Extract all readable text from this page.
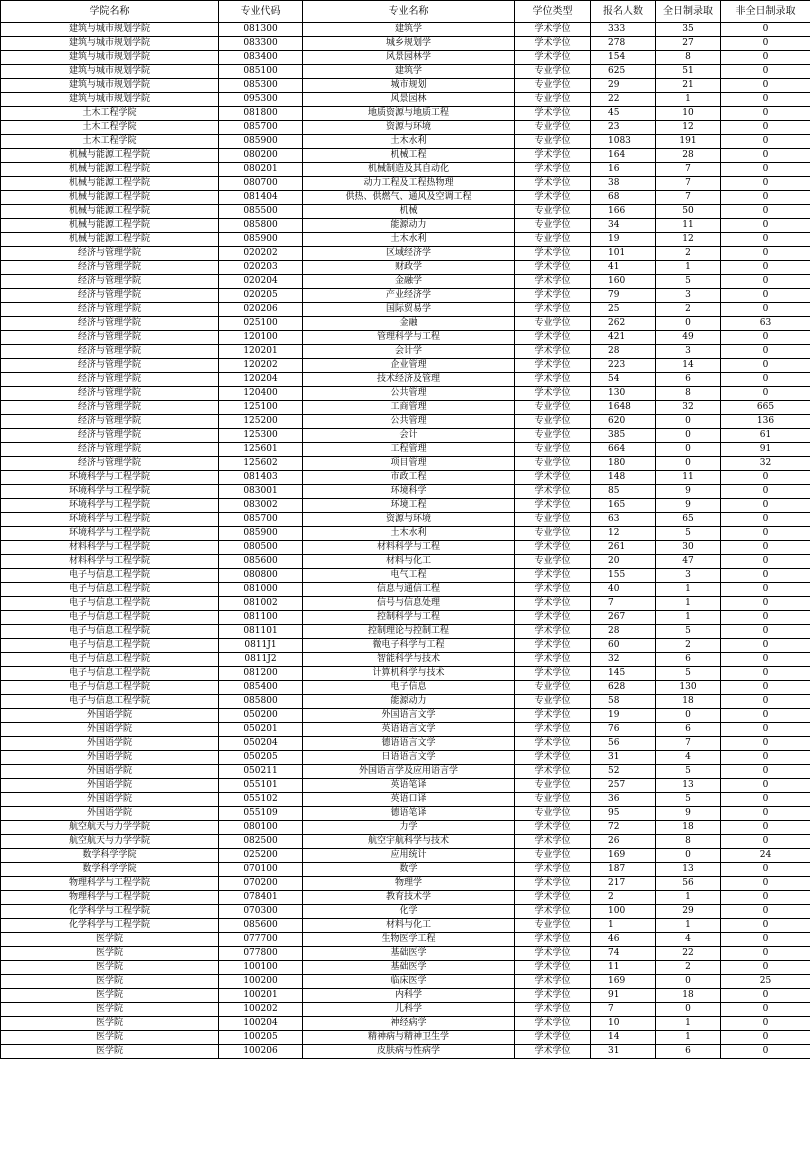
学院名称	专业代码	专业名称	学位类型	报名人数	全日制录取	非全日制录取
建筑与城市规划学院	081300	建筑学	学术学位	333	35	0
建筑与城市规划学院	083300	城乡规划学	学术学位	278	27	0
建筑与城市规划学院	083400	风景园林学	学术学位	154	8	0
建筑与城市规划学院	085100	建筑学	专业学位	625	51	0
建筑与城市规划学院	085300	城市规划	专业学位	29	21	0
建筑与城市规划学院	095300	风景园林	专业学位	22	1	0
土木工程学院	081800	地质资源与地质工程	学术学位	45	10	0
土木工程学院	085700	资源与环境	专业学位	23	12	0
土木工程学院	085900	土木水利	专业学位	1083	191	0
机械与能源工程学院	080200	机械工程	学术学位	164	28	0
机械与能源工程学院	080201	机械制造及其自动化	学术学位	16	7	0
机械与能源工程学院	080700	动力工程及工程热物理	学术学位	38	7	0
机械与能源工程学院	081404	供热、供燃气、通风及空调工程	学术学位	68	7	0
机械与能源工程学院	085500	机械	专业学位	166	50	0
机械与能源工程学院	085800	能源动力	专业学位	34	11	0
机械与能源工程学院	085900	土木水利	专业学位	19	12	0
经济与管理学院	020202	区域经济学	学术学位	101	2	0
经济与管理学院	020203	财政学	学术学位	41	1	0
经济与管理学院	020204	金融学	学术学位	160	5	0
经济与管理学院	020205	产业经济学	学术学位	79	3	0
经济与管理学院	020206	国际贸易学	学术学位	25	2	0
经济与管理学院	025100	金融	专业学位	262	0	63
经济与管理学院	120100	管理科学与工程	学术学位	421	49	0
经济与管理学院	120201	会计学	学术学位	28	3	0
经济与管理学院	120202	企业管理	学术学位	223	14	0
经济与管理学院	120204	技术经济及管理	学术学位	54	6	0
经济与管理学院	120400	公共管理	学术学位	130	8	0
经济与管理学院	125100	工商管理	专业学位	1648	32	665
经济与管理学院	125200	公共管理	专业学位	620	0	136
经济与管理学院	125300	会计	专业学位	385	0	61
经济与管理学院	125601	工程管理	专业学位	664	0	91
经济与管理学院	125602	项目管理	专业学位	180	0	32
环境科学与工程学院	081403	市政工程	学术学位	148	11	0
环境科学与工程学院	083001	环境科学	学术学位	85	9	0
环境科学与工程学院	083002	环境工程	学术学位	165	9	0
环境科学与工程学院	085700	资源与环境	专业学位	63	65	0
环境科学与工程学院	085900	土木水利	专业学位	12	5	0
材料科学与工程学院	080500	材料科学与工程	学术学位	261	30	0
材料科学与工程学院	085600	材料与化工	专业学位	20	47	0
电子与信息工程学院	080800	电气工程	学术学位	155	3	0
电子与信息工程学院	081000	信息与通信工程	学术学位	40	1	0
电子与信息工程学院	081002	信号与信息处理	学术学位	7	1	0
电子与信息工程学院	081100	控制科学与工程	学术学位	267	1	0
电子与信息工程学院	081101	控制理论与控制工程	学术学位	28	5	0
电子与信息工程学院	0811J1	微电子科学与工程	学术学位	60	2	0
电子与信息工程学院	0811J2	智能科学与技术	学术学位	32	6	0
电子与信息工程学院	081200	计算机科学与技术	学术学位	145	5	0
电子与信息工程学院	085400	电子信息	专业学位	628	130	0
电子与信息工程学院	085800	能源动力	专业学位	58	18	0
外国语学院	050200	外国语言文学	学术学位	19	0	0
外国语学院	050201	英语语言文学	学术学位	76	6	0
外国语学院	050204	德语语言文学	学术学位	56	7	0
外国语学院	050205	日语语言文学	学术学位	31	4	0
外国语学院	050211	外国语言学及应用语言学	学术学位	52	5	0
外国语学院	055101	英语笔译	专业学位	257	13	0
外国语学院	055102	英语口译	专业学位	36	5	0
外国语学院	055109	德语笔译	专业学位	95	9	0
航空航天与力学学院	080100	力学	学术学位	72	18	0
航空航天与力学学院	082500	航空宇航科学与技术	学术学位	26	8	0
数学科学学院	025200	应用统计	专业学位	169	0	24
数学科学学院	070100	数学	学术学位	187	13	0
物理科学与工程学院	070200	物理学	学术学位	217	56	0
物理科学与工程学院	078401	教育技术学	学术学位	2	1	0
化学科学与工程学院	070300	化学	学术学位	100	29	0
化学科学与工程学院	085600	材料与化工	专业学位	1	1	0
医学院	077700	生物医学工程	学术学位	46	4	0
医学院	077800	基础医学	学术学位	74	22	0
医学院	100100	基础医学	学术学位	11	2	0
医学院	100200	临床医学	学术学位	169	0	25
医学院	100201	内科学	学术学位	91	18	0
医学院	100202	儿科学	学术学位	7	0	0
医学院	100204	神经病学	学术学位	10	1	0
医学院	100205	精神病与精神卫生学	学术学位	14	1	0
医学院	100206	皮肤病与性病学	学术学位	31	6	0
